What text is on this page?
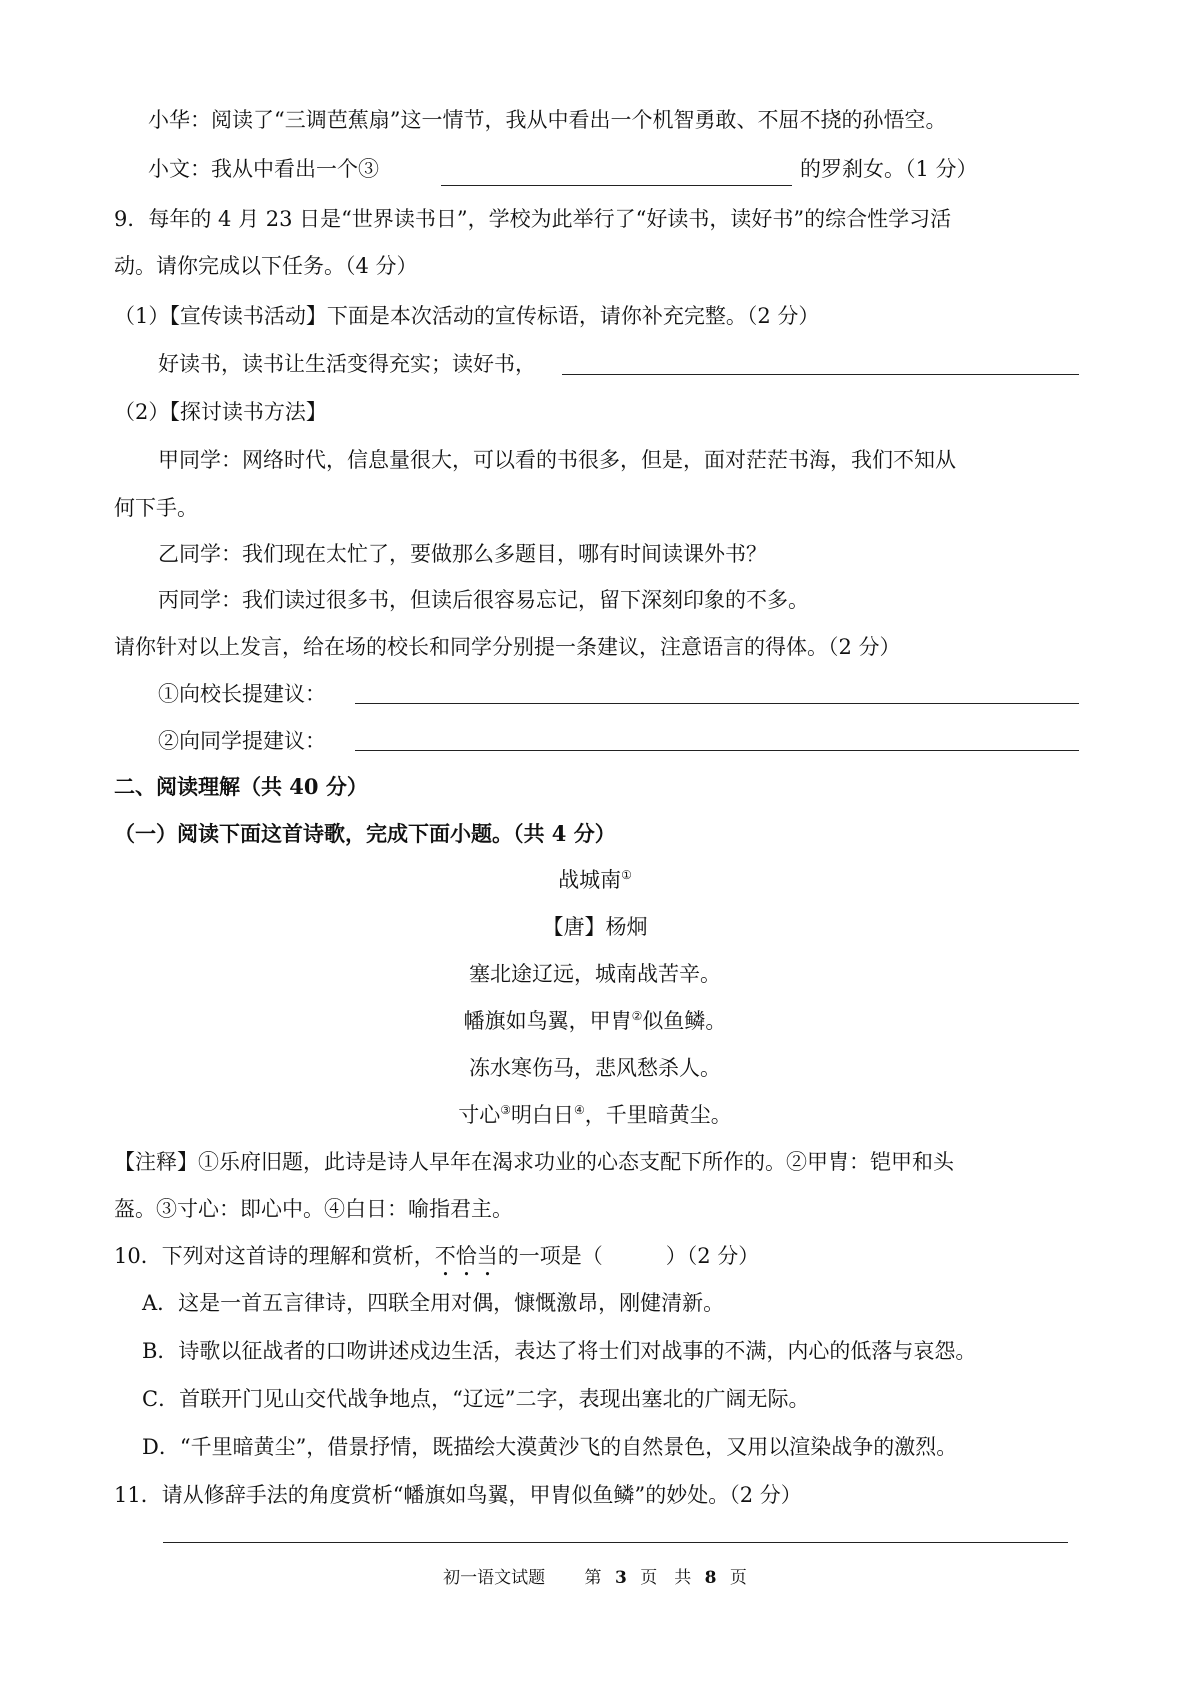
小华：阅读了“三调芭蕉扇”这一情节，我从中看出一个机智勇敢、不屈不挠的孙悟空。
小文：我从中看出一个③	的罗刹女。（1 分）
9．每年的 4 月 23 日是“世界读书日”，学校为此举行了“好读书，读好书”的综合性学习活
动。请你完成以下任务。（4 分）
（1）【宣传读书活动】下面是本次活动的宣传标语，请你补充完整。（2 分）
好读书，读书让生活变得充实；读好书，
（2）【探讨读书方法】
甲同学：网络时代，信息量很大，可以看的书很多，但是，面对茫茫书海，我们不知从
何下手。
乙同学：我们现在太忙了，要做那么多题目，哪有时间读课外书？
丙同学：我们读过很多书，但读后很容易忘记，留下深刻印象的不多。
请你针对以上发言，给在场的校长和同学分别提一条建议，注意语言的得体。（2 分）
①向校长提建议：
②向同学提建议：
二、阅读理解（共 40 分）
（一）阅读下面这首诗歌，完成下面小题。（共 4 分）
战城南①
【唐】杨炯
塞北途辽远，城南战苦辛。
幡旗如鸟翼，甲胄②似鱼鳞。
冻水寒伤马，悲风愁杀人。
寸心③明白日④，千里暗黄尘。
【注释】①乐府旧题，此诗是诗人早年在渴求功业的心态支配下所作的。②甲胄：铠甲和头
盔。③寸心：即心中。④白日：喻指君主。
10．下列对这首诗的理解和赏析，不恰当的一项是（　　　）（2 分）
A．这是一首五言律诗，四联全用对偶，慷慨激昂，刚健清新。
B．诗歌以征战者的口吻讲述戍边生活，表达了将士们对战事的不满，内心的低落与哀怨。
C．首联开门见山交代战争地点，“辽远”二字，表现出塞北的广阔无际。
D．“千里暗黄尘”，借景抒情，既描绘大漠黄沙飞的自然景色，又用以渲染战争的激烈。
11．请从修辞手法的角度赏析“幡旗如鸟翼，甲胄似鱼鳞”的妙处。（2 分）
初一语文试题 第 3 页　共 8 页
